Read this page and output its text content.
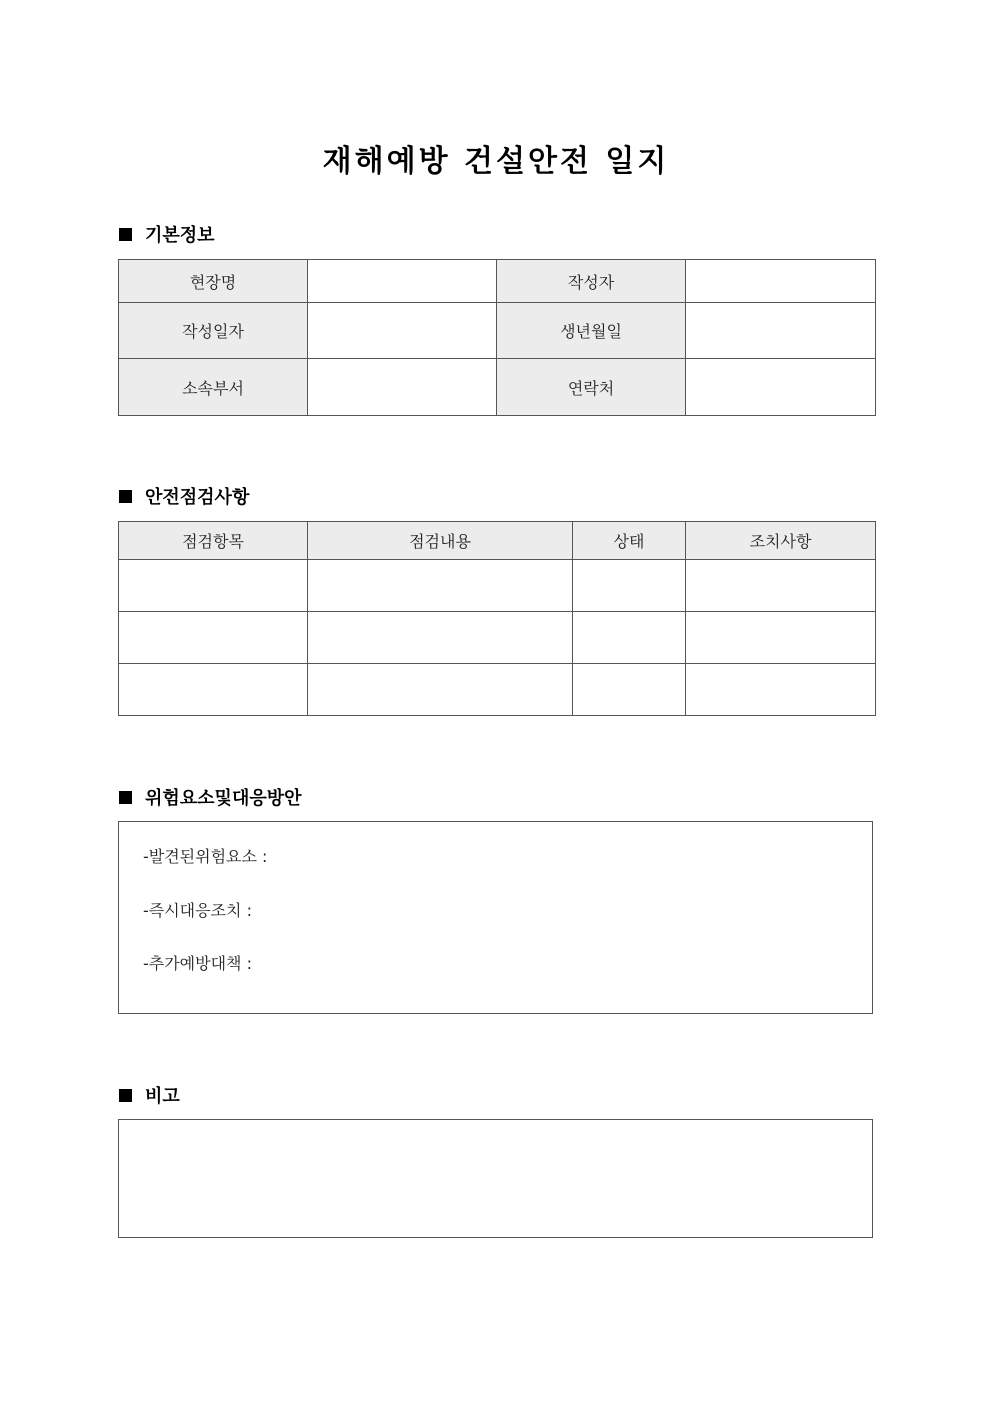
재해예방 건설안전 일지
기본정보
현장명		작성자	
작성일자		생년월일	
소속부서		연락처	
안전점검사항
점검항목	점검내용	상태	조치사항

위험요소및대응방안
-발견된위험요소 :
-즉시대응조치 :
-추가예방대책 :
비고
